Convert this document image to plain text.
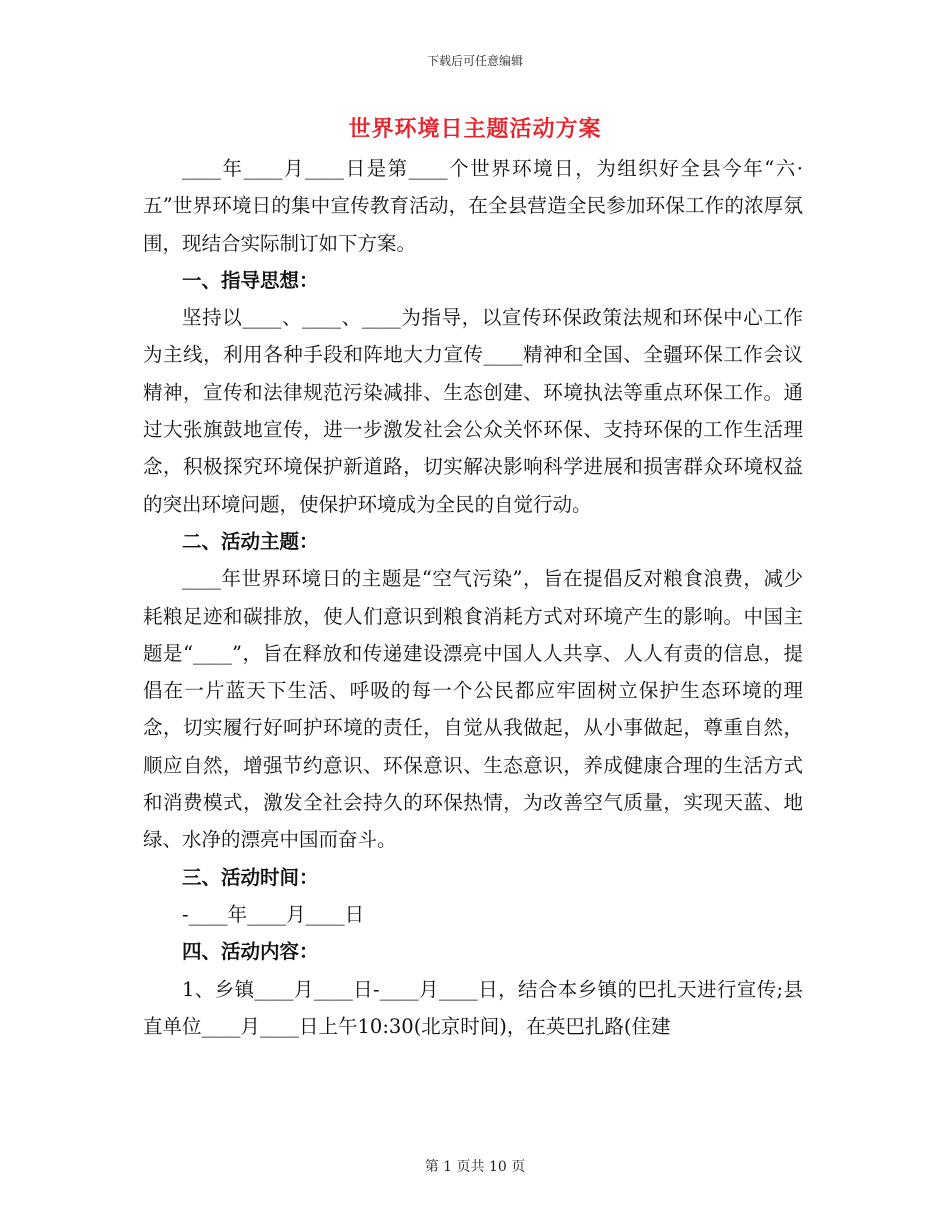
下载后可任意编辑
世界环境日主题活动方案

____年____月____日是第____个世界环境日，为组织好全县今年“六·五”世界环境日的集中宣传教育活动，在全县营造全民参加环保工作的浓厚氛围，现结合实际制订如下方案。

一、指导思想：

坚持以____、____、____为指导，以宣传环保政策法规和环保中心工作为主线，利用各种手段和阵地大力宣传____精神和全国、全疆环保工作会议精神，宣传和法律规范污染减排、生态创建、环境执法等重点环保工作。通过大张旗鼓地宣传，进一步激发社会公众关怀环保、支持环保的工作生活理念，积极探究环境保护新道路，切实解决影响科学进展和损害群众环境权益的突出环境问题，使保护环境成为全民的自觉行动。

二、活动主题：

____年世界环境日的主题是“空气污染”，旨在提倡反对粮食浪费，减少耗粮足迹和碳排放，使人们意识到粮食消耗方式对环境产生的影响。中国主题是“____”，旨在释放和传递建设漂亮中国人人共享、人人有责的信息，提倡在一片蓝天下生活、呼吸的每一个公民都应牢固树立保护生态环境的理念，切实履行好呵护环境的责任，自觉从我做起，从小事做起，尊重自然，顺应自然，增强节约意识、环保意识、生态意识，养成健康合理的生活方式和消费模式，激发全社会持久的环保热情，为改善空气质量，实现天蓝、地绿、水净的漂亮中国而奋斗。

三、活动时间：

-____年____月____日

四、活动内容：

1、乡镇____月____日-____月____日，结合本乡镇的巴扎天进行宣传;县直单位____月____日上午10:30(北京时间)，在英巴扎路(住建

第 1 页共 10 页
